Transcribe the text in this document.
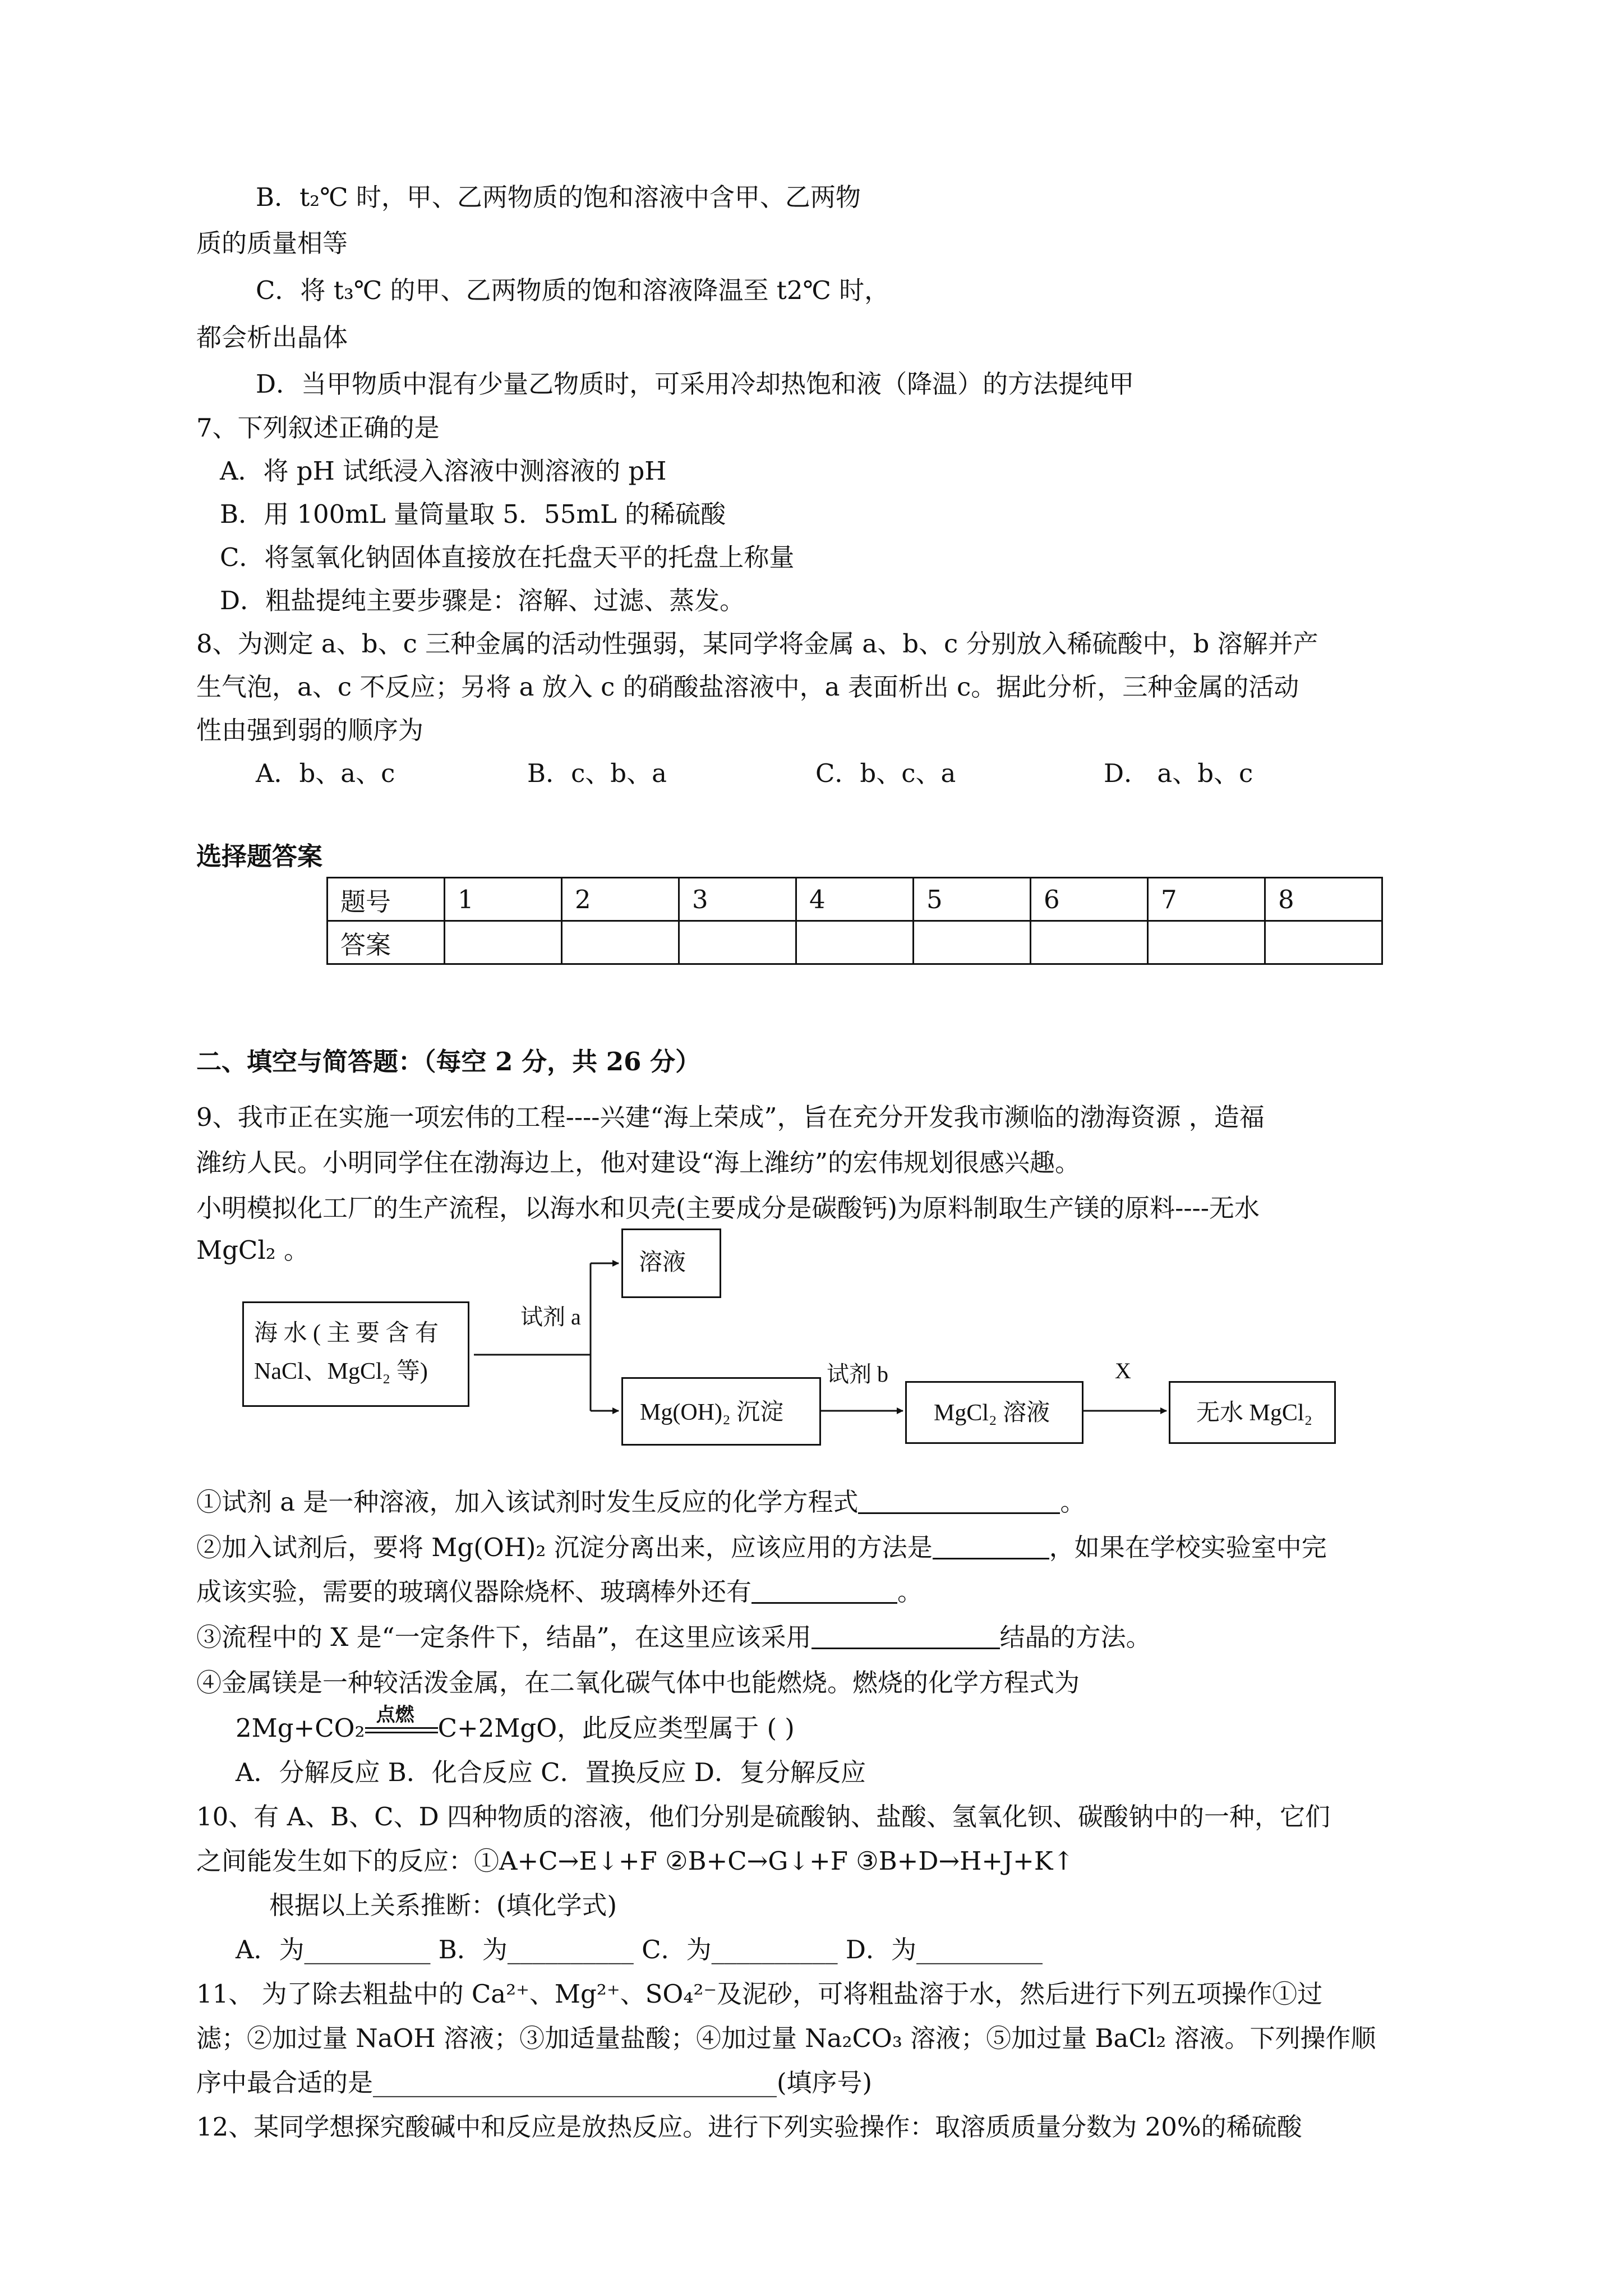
B．t₂℃ 时，甲、乙两物质的饱和溶液中含甲、乙两物
质的质量相等
C．将 t₃℃ 的甲、乙两物质的饱和溶液降温至 t2℃ 时，
都会析出晶体
D．当甲物质中混有少量乙物质时，可采用冷却热饱和液（降温）的方法提纯甲
7、下列叙述正确的是
A．将 pH 试纸浸入溶液中测溶液的 pH
B．用 100mL 量筒量取 5．55mL 的稀硫酸
C．将氢氧化钠固体直接放在托盘天平的托盘上称量
D．粗盐提纯主要步骤是：溶解、过滤、蒸发。
8、为测定 a、b、c 三种金属的活动性强弱，某同学将金属 a、b、c 分别放入稀硫酸中，b 溶解并产
生气泡，a、c 不反应；另将 a 放入 c 的硝酸盐溶液中，a 表面析出 c。据此分析，三种金属的活动
性由强到弱的顺序为
A．b、a、c	B．c、b、a	C．b、c、a	D． a、b、c
选择题答案
题号	1	2	3	4	5	6	7	8
答案								
二、填空与简答题：（每空 2 分，共 26 分）
9、我市正在实施一项宏伟的工程----兴建“海上荣成”，旨在充分开发我市濒临的渤海资源 ，造福
潍纺人民。小明同学住在渤海边上，他对建设“海上潍纺”的宏伟规划很感兴趣。
小明模拟化工厂的生产流程，以海水和贝壳(主要成分是碳酸钙)为原料制取生产镁的原料----无水
MgCl₂ 。
海 水 ( 主 要 含 有
NaCl、MgCl₂ 等)
试剂 a
溶液
Mg(OH)₂ 沉淀
试剂 b
MgCl₂ 溶液
X
无水 MgCl₂
①试剂 a 是一种溶液，加入该试剂时发生反应的化学方程式	。
②加入试剂后，要将 Mg(OH)₂ 沉淀分离出来，应该应用的方法是	，如果在学校实验室中完
成该实验，需要的玻璃仪器除烧杯、玻璃棒外还有	。
③流程中的 X 是“一定条件下，结晶”，在这里应该采用	结晶的方法。
④金属镁是一种较活泼金属，在二氧化碳气体中也能燃烧。燃烧的化学方程式为
2Mg+CO₂ 点燃 C+2MgO，此反应类型属于 ( )
A．分解反应 B．化合反应 C．置换反应 D．复分解反应
10、有 A、B、C、D 四种物质的溶液，他们分别是硫酸钠、盐酸、氢氧化钡、碳酸钠中的一种，它们
之间能发生如下的反应：①A+C→E↓+F ②B+C→G↓+F ③B+D→H+J+K↑
根据以上关系推断：(填化学式)
A．为__________ B．为__________ C．为__________ D．为__________
11、 为了除去粗盐中的 Ca²⁺、Mg²⁺、SO₄²⁻及泥砂，可将粗盐溶于水，然后进行下列五项操作①过
滤；②加过量 NaOH 溶液；③加适量盐酸；④加过量 Na₂CO₃ 溶液；⑤加过量 BaCl₂ 溶液。下列操作顺
序中最合适的是________________________________(填序号)
12、某同学想探究酸碱中和反应是放热反应。进行下列实验操作：取溶质质量分数为 20%的稀硫酸
